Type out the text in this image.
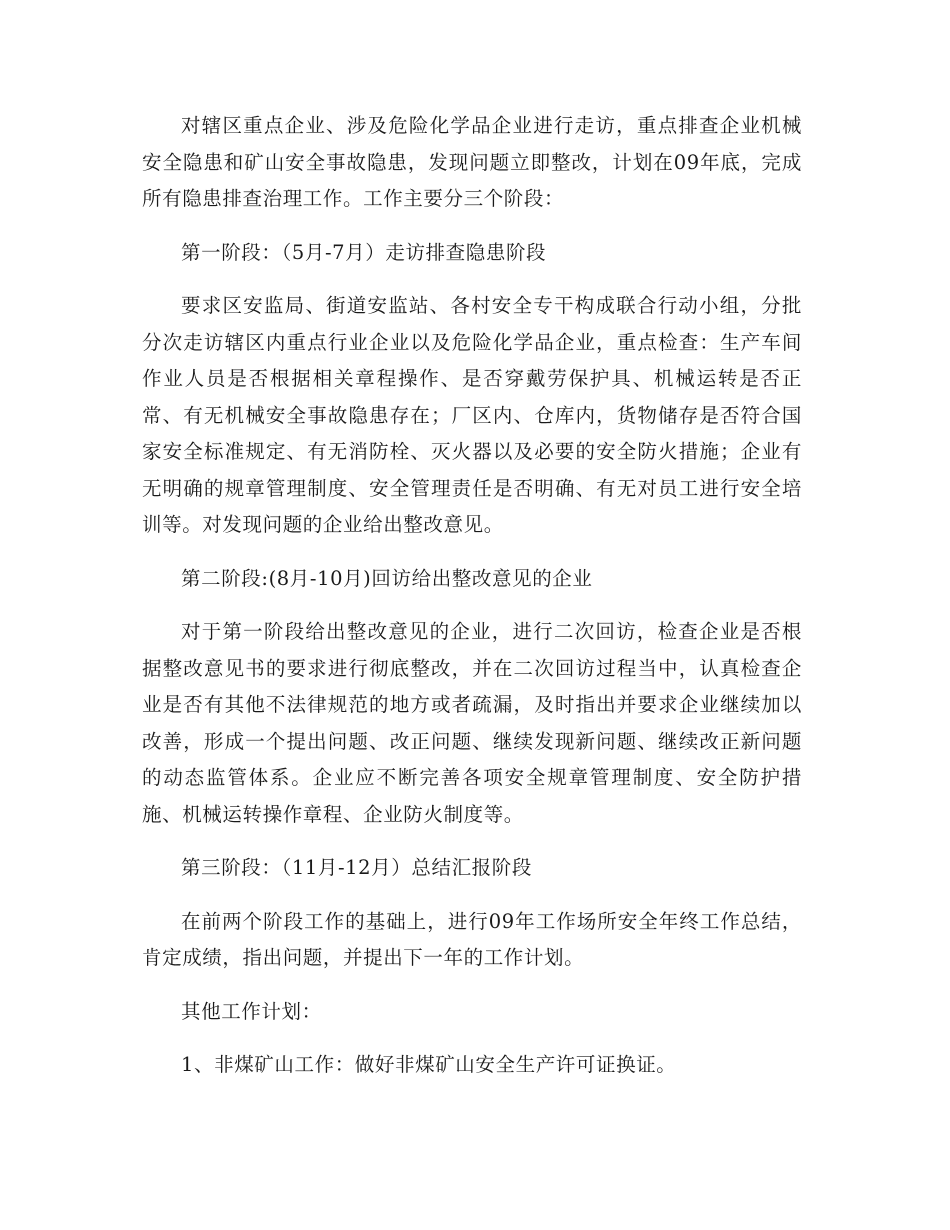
对辖区重点企业、涉及危险化学品企业进行走访，重点排查企业机械安全隐患和矿山安全事故隐患，发现问题立即整改，计划在09年底，完成所有隐患排查治理工作。工作主要分三个阶段：

第一阶段：（5月-7月）走访排查隐患阶段

要求区安监局、街道安监站、各村安全专干构成联合行动小组，分批分次走访辖区内重点行业企业以及危险化学品企业，重点检查：生产车间作业人员是否根据相关章程操作、是否穿戴劳保护具、机械运转是否正常、有无机械安全事故隐患存在；厂区内、仓库内，货物储存是否符合国家安全标准规定、有无消防栓、灭火器以及必要的安全防火措施；企业有无明确的规章管理制度、安全管理责任是否明确、有无对员工进行安全培训等。对发现问题的企业给出整改意见。

第二阶段:(8月-10月)回访给出整改意见的企业

对于第一阶段给出整改意见的企业，进行二次回访，检查企业是否根据整改意见书的要求进行彻底整改，并在二次回访过程当中，认真检查企业是否有其他不法律规范的地方或者疏漏，及时指出并要求企业继续加以改善，形成一个提出问题、改正问题、继续发现新问题、继续改正新问题的动态监管体系。企业应不断完善各项安全规章管理制度、安全防护措施、机械运转操作章程、企业防火制度等。

第三阶段：（11月-12月）总结汇报阶段

在前两个阶段工作的基础上，进行09年工作场所安全年终工作总结，肯定成绩，指出问题，并提出下一年的工作计划。

其他工作计划：

1、非煤矿山工作：做好非煤矿山安全生产许可证换证。
